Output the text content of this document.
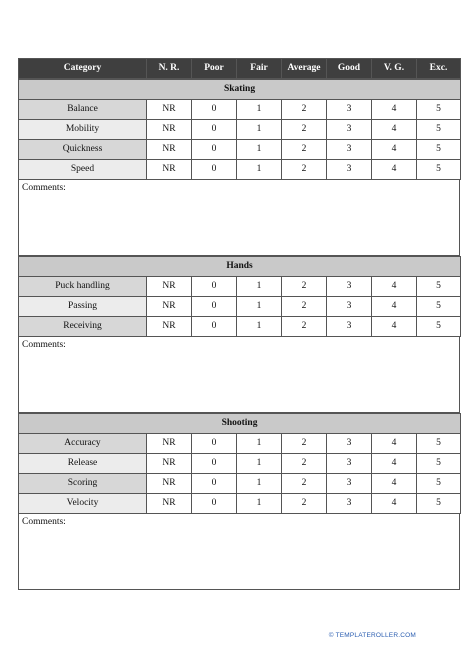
Category	N. R.	Poor	Fair	Average	Good	V. G.	Exc.
Skating							
Balance	NR	0	1	2	3	4	5
Mobility	NR	0	1	2	3	4	5
Quickness	NR	0	1	2	3	4	5
Speed	NR	0	1	2	3	4	5
Comments:
Hands							
Puck handling	NR	0	1	2	3	4	5
Passing	NR	0	1	2	3	4	5
Receiving	NR	0	1	2	3	4	5
Comments:
Shooting							
Accuracy	NR	0	1	2	3	4	5
Release	NR	0	1	2	3	4	5
Scoring	NR	0	1	2	3	4	5
Velocity	NR	0	1	2	3	4	5
Comments:
© TEMPLATEROLLER.COM
